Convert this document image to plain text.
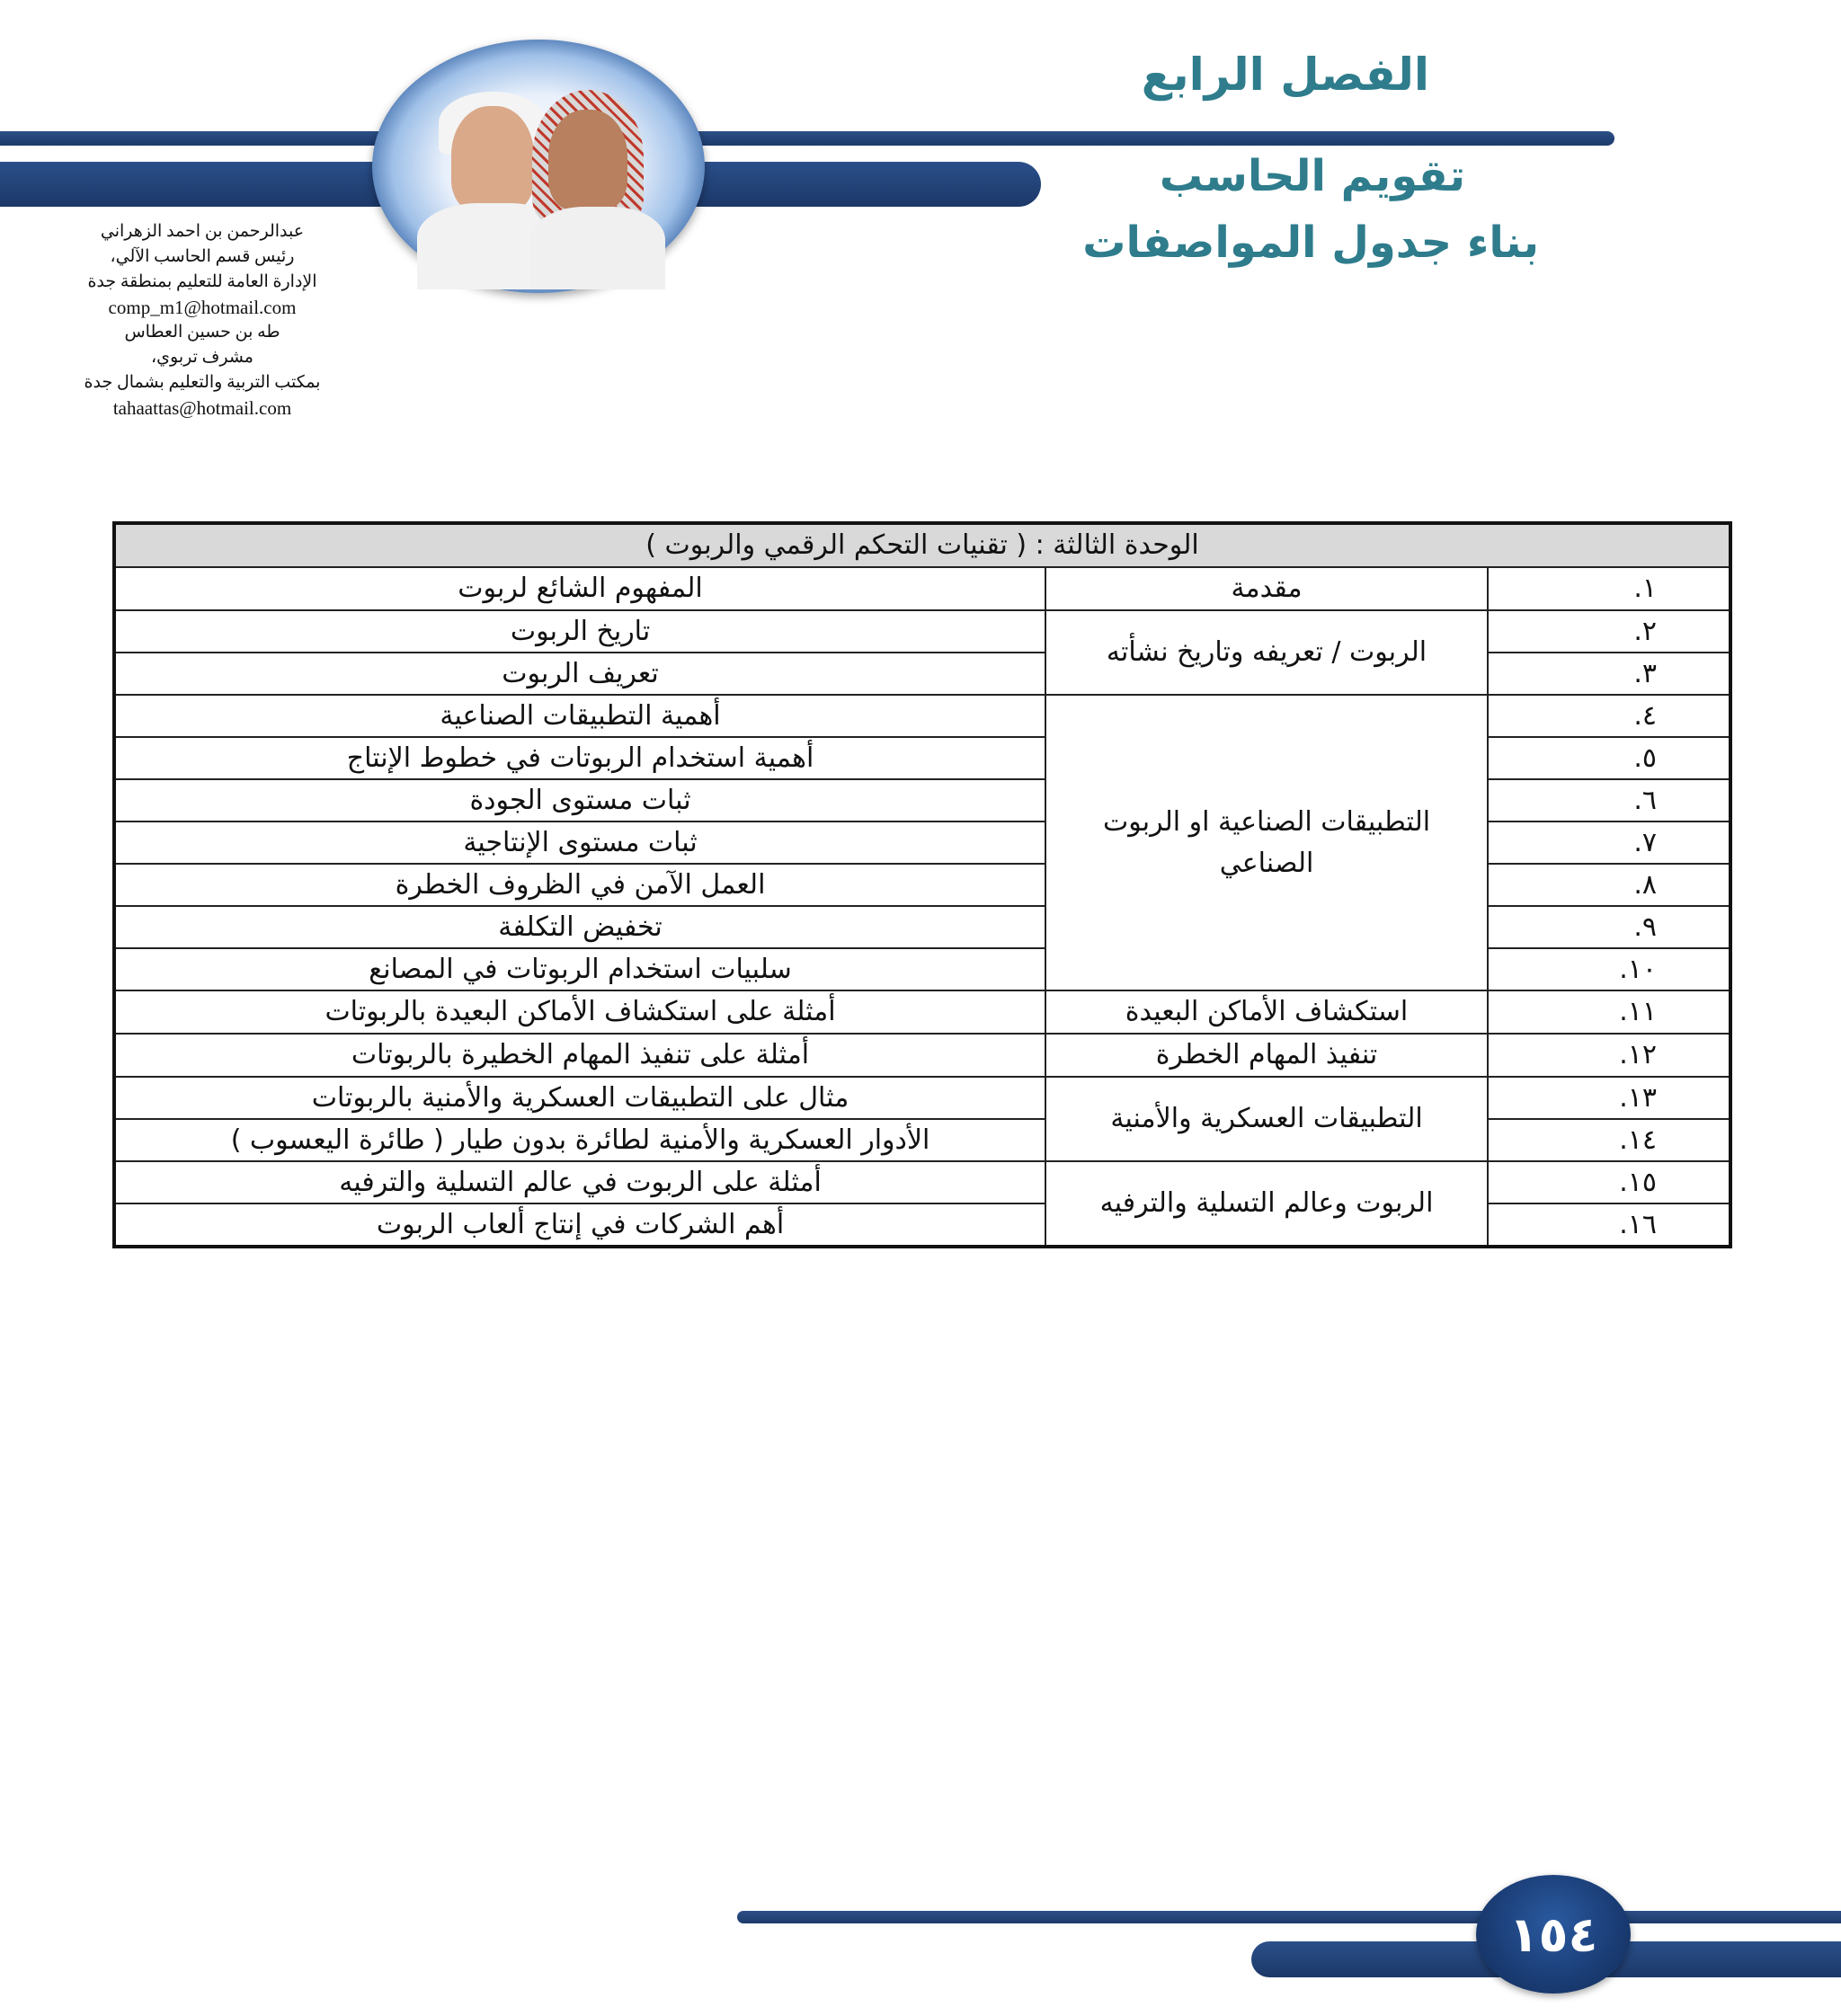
الفصل الرابع
تقويم الحاسب
بناء جدول المواصفات
عبدالرحمن بن احمد الزهراني
رئيس قسم الحاسب الآلي،
الإدارة العامة للتعليم بمنطقة جدة
comp_m1@hotmail.com
طه بن حسين العطاس
مشرف تربوي،
بمكتب التربية والتعليم بشمال جدة
tahaattas@hotmail.com
الوحدة الثالثة : ( تقنيات التحكم الرقمي والربوت )		
١.	مقدمة	المفهوم الشائع لربوت
٢.	الربوت / تعريفه وتاريخ نشأته	تاريخ الربوت
٣.		تعريف الربوت
٤.	التطبيقات الصناعية او الربوت الصناعي	أهمية التطبيقات الصناعية
٥.		أهمية استخدام الربوتات في خطوط الإنتاج
٦.		ثبات مستوى الجودة
٧.		ثبات مستوى الإنتاجية
٨.		العمل الآمن في الظروف الخطرة
٩.		تخفيض التكلفة
١٠.		سلبيات استخدام الربوتات في المصانع
١١.	استكشاف الأماكن البعيدة	أمثلة على استكشاف الأماكن البعيدة بالربوتات
١٢.	تنفيذ المهام الخطرة	أمثلة على تنفيذ المهام الخطيرة بالربوتات
١٣.	التطبيقات العسكرية والأمنية	مثال على التطبيقات العسكرية والأمنية بالربوتات
١٤.		الأدوار العسكرية والأمنية لطائرة بدون طيار ( طائرة اليعسوب )
١٥.	الربوت وعالم التسلية والترفيه	أمثلة على الربوت في عالم التسلية والترفيه
١٦.		أهم الشركات في إنتاج ألعاب الربوت
١٥٤
